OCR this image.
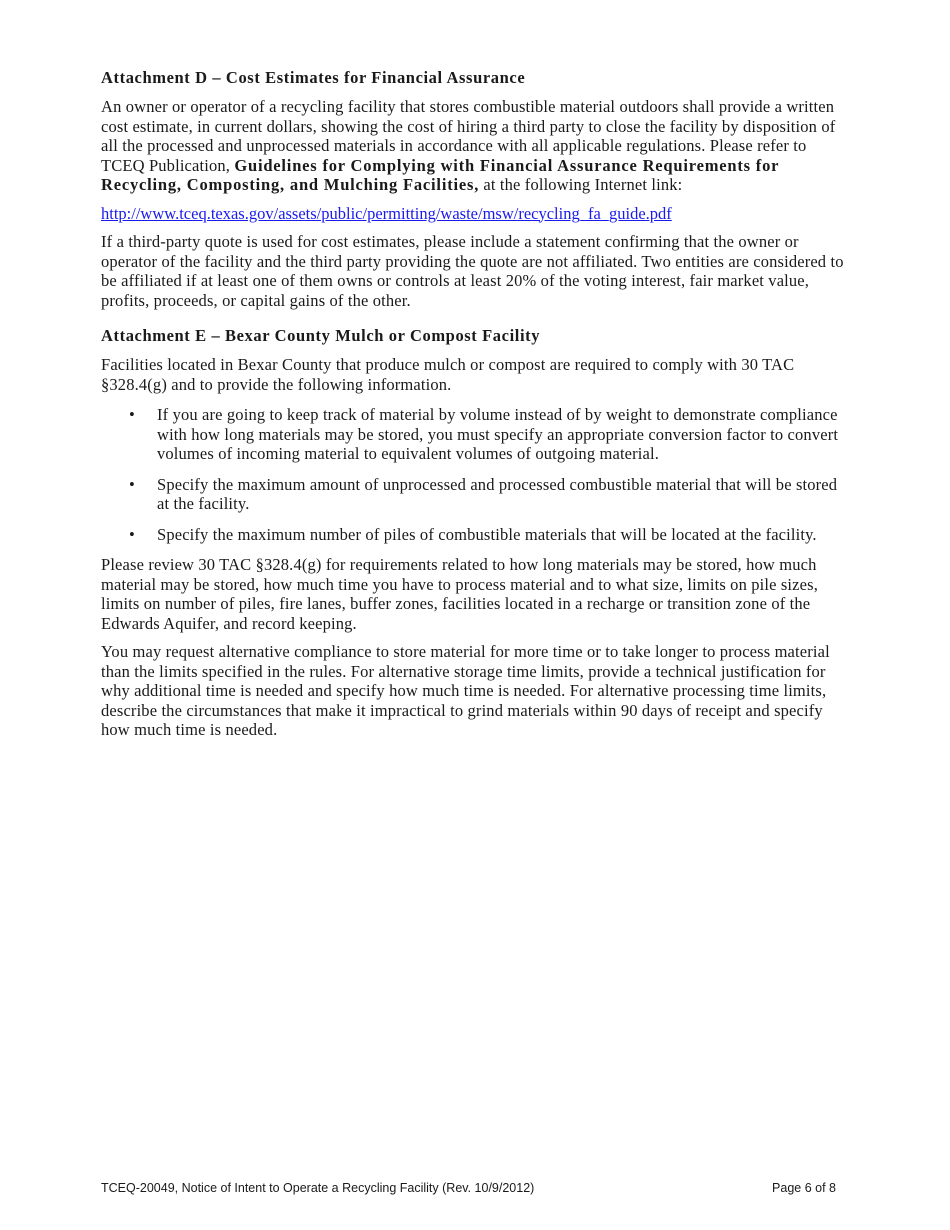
Attachment D – Cost Estimates for Financial Assurance

An owner or operator of a recycling facility that stores combustible material outdoors shall provide a written cost estimate, in current dollars, showing the cost of hiring a third party to close the facility by disposition of all the processed and unprocessed materials in accordance with all applicable regulations. Please refer to TCEQ Publication, Guidelines for Complying with Financial Assurance Requirements for Recycling, Composting, and Mulching Facilities, at the following Internet link:

http://www.tceq.texas.gov/assets/public/permitting/waste/msw/recycling_fa_guide.pdf

If a third-party quote is used for cost estimates, please include a statement confirming that the owner or operator of the facility and the third party providing the quote are not affiliated. Two entities are considered to be affiliated if at least one of them owns or controls at least 20% of the voting interest, fair market value, profits, proceeds, or capital gains of the other.

Attachment E – Bexar County Mulch or Compost Facility

Facilities located in Bexar County that produce mulch or compost are required to comply with 30 TAC §328.4(g) and to provide the following information.

• If you are going to keep track of material by volume instead of by weight to demonstrate compliance with how long materials may be stored, you must specify an appropriate conversion factor to convert volumes of incoming material to equivalent volumes of outgoing material.
• Specify the maximum amount of unprocessed and processed combustible material that will be stored at the facility.
• Specify the maximum number of piles of combustible materials that will be located at the facility.

Please review 30 TAC §328.4(g) for requirements related to how long materials may be stored, how much material may be stored, how much time you have to process material and to what size, limits on pile sizes, limits on number of piles, fire lanes, buffer zones, facilities located in a recharge or transition zone of the Edwards Aquifer, and record keeping.

You may request alternative compliance to store material for more time or to take longer to process material than the limits specified in the rules. For alternative storage time limits, provide a technical justification for why additional time is needed and specify how much time is needed. For alternative processing time limits, describe the circumstances that make it impractical to grind materials within 90 days of receipt and specify how much time is needed.

TCEQ-20049, Notice of Intent to Operate a Recycling Facility (Rev. 10/9/2012)	Page 6 of 8
